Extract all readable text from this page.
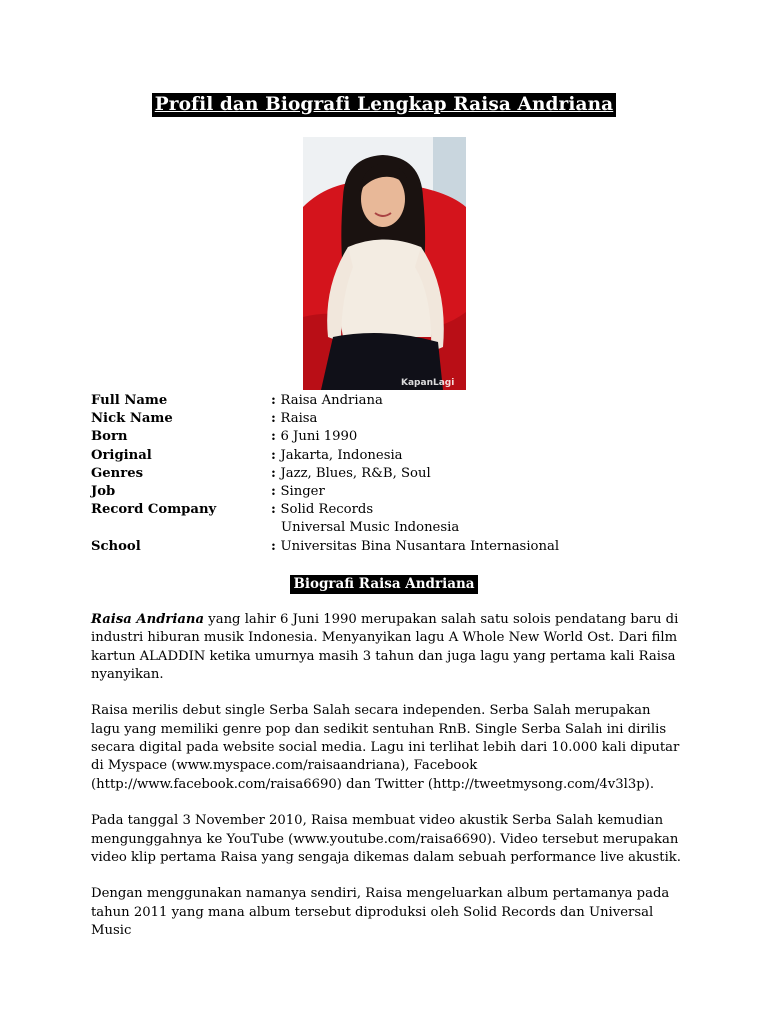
Profil dan Biografi Lengkap Raisa Andriana
KapanLagi
Full Name	: Raisa Andriana
Nick Name	: Raisa
Born	: 6 Juni 1990
Original	: Jakarta, Indonesia
Genres	: Jazz, Blues, R&B, Soul
Job	: Singer
Record Company	: Solid Records
Universal Music Indonesia
School	: Universitas Bina Nusantara Internasional
Biografi Raisa Andriana

Raisa Andriana yang lahir 6 Juni 1990 merupakan salah satu solois pendatang baru di industri hiburan musik Indonesia. Menyanyikan lagu A Whole New World Ost. Dari film kartun ALADDIN ketika umurnya masih 3 tahun dan juga lagu yang pertama kali Raisa nyanyikan.

Raisa merilis debut single Serba Salah secara independen. Serba Salah merupakan lagu yang memiliki genre pop dan sedikit sentuhan RnB. Single Serba Salah ini dirilis secara digital pada website social media. Lagu ini terlihat lebih dari 10.000 kali diputar di Myspace (www.myspace.com/raisaandriana), Facebook (http://www.facebook.com/raisa6690) dan Twitter (http://tweetmysong.com/4v3l3p).

Pada tanggal 3 November 2010, Raisa membuat video akustik Serba Salah kemudian mengunggahnya ke YouTube (www.youtube.com/raisa6690). Video tersebut merupakan video klip pertama Raisa yang sengaja dikemas dalam sebuah performance live akustik.

Dengan menggunakan namanya sendiri, Raisa mengeluarkan album pertamanya pada tahun 2011 yang mana album tersebut diproduksi oleh Solid Records dan Universal Music
